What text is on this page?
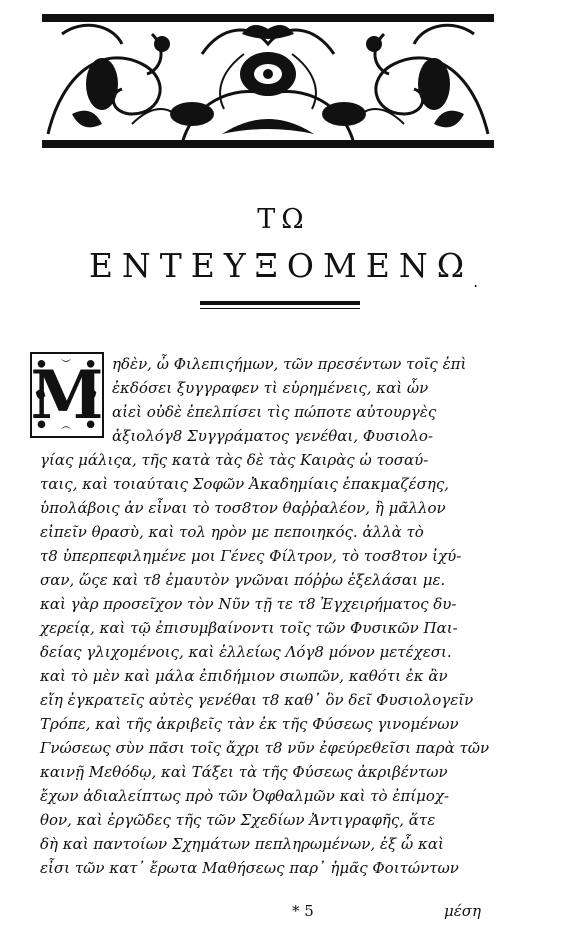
ΤΩ
$ENTE\Upsilon\Xi OMEN\Omega_.$
M ηδὲν, ὦ Φιλεπιςήμων, τῶν πρεσέντων τοῖς ἐπὶ
ἐκδόσει ξυγγραφεν τὶ εὑρημένεις, καὶ ὧν
αἰεὶ οὐδὲ ἐπελπίσει τὶς πώποτε αὐτουργὲς
ἀξιολόγ8 Συγγράματος γενέθαι, Φυσιολο-
γίας μάλιςα, τῆς κατὰ τὰς δὲ τὰς Καιρὰς ὠ τοσαύ-
ταις, καὶ τοιαύταις Σοφῶν Ἀκαδημίαις ἐπακμαζέσης,
ὑπολάβοις ἀν εἶναι τὸ τοσ8τον θαῤῥαλέον, ἢ μᾶλλον
εἰπεῖν θρασὺ, καὶ τολ ηρὸν με πεποιηκός. ἀλλὰ τὸ
τ8 ὑπερπεφιλημένε μοι Γένες Φίλτρον, τὸ τοσ8τον ἰχύ-
σαν, ὥςε καὶ τ8 ἐμαυτὸν γνῶναι πόῤῥω ἐξελάσαι με.
καὶ γὰρ προσεῖχον τὸν Νῦν τῇ τε τ8 Ἐγχειρήματος δυ-
χερείᾳ, καὶ τῷ ἐπισυμβαίνοντι τοῖς τῶν Φυσικῶν Παι-
δείας γλιχομένοις, καὶ ἑλλείως Λόγ8 μόνον μετέχεσι.
καὶ τὸ μὲν καὶ μάλα ἐπιδήμιον σιωπῶν, καθότι ἐκ ἂν
εἴη ἐγκρατεῖς αὐτὲς γενέθαι τ8 καθ᾽ ὃν δεῖ Φυσιολογεῖν
Τρόπε, καὶ τῆς ἀκριβεῖς τὰν ἐκ τῆς Φύσεως γινομένων
Γνώσεως σὺν πᾶσι τοῖς ἄχρι τ8 νῦν ἐφεύρεθεῖσι παρὰ τῶν
καινῇ Μεθόδῳ, καὶ Τάξει τὰ τῆς Φύσεως ἀκριβέντων
ἔχων ἀδιαλείπτως πρὸ τῶν Ὀφθαλμῶν καὶ τὸ ἐπίμοχ-
θον, καὶ ἐργῶδες τῆς τῶν Σχεδίων Ἀντιγραφῆς, ἅτε
δὴ καὶ παντοίων Σχημάτων πεπληρωμένων, ἐξ ὧ καὶ
εἶσι τῶν κατ᾽ ἔρωτα Μαθήσεως παρ᾽ ἡμᾶς Φοιτώντων
* 5	μέση
